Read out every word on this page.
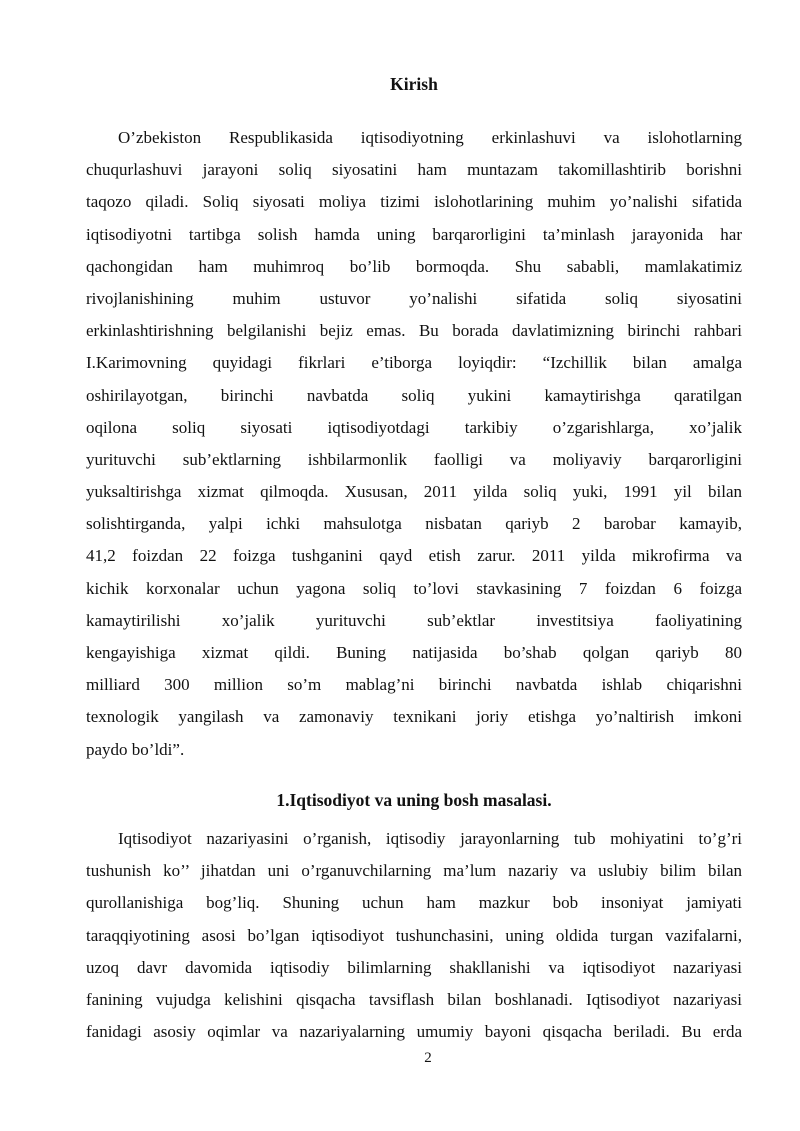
Kirish
O’zbekiston Respublikasida iqtisodiyotning erkinlashuvi va islohotlarning
chuqurlashuvi jarayoni soliq siyosatini ham muntazam takomillashtirib borishni
taqozo qiladi. Soliq siyosati moliya tizimi islohotlarining muhim yo’nalishi sifatida
iqtisodiyotni tartibga solish hamda uning barqarorligini ta’minlash jarayonida har
qachongidan ham muhimroq bo’lib bormoqda. Shu sababli, mamlakatimiz
rivojlanishining muhim ustuvor yo’nalishi sifatida soliq siyosatini
erkinlashtirishning belgilanishi bejiz emas. Bu borada davlatimizning birinchi rahbari
I.Karimovning quyidagi fikrlari e’tiborga loyiqdir: “Izchillik bilan amalga
oshirilayotgan, birinchi navbatda soliq yukini kamaytirishga qaratilgan
oqilona soliq siyosati iqtisodiyotdagi tarkibiy o’zgarishlarga, xo’jalik
yurituvchi sub’ektlarning ishbilarmonlik faolligi va moliyaviy barqarorligini
yuksaltirishga xizmat qilmoqda. Xususan, 2011 yilda soliq yuki, 1991 yil bilan
solishtirganda, yalpi ichki mahsulotga nisbatan qariyb 2 barobar kamayib,
41,2 foizdan 22 foizga tushganini qayd etish zarur. 2011 yilda mikrofirma va
kichik korxonalar uchun yagona soliq to’lovi stavkasining 7 foizdan 6 foizga
kamaytirilishi xo’jalik yurituvchi sub’ektlar investitsiya faoliyatining
kengayishiga xizmat qildi. Buning natijasida bo’shab qolgan qariyb 80
milliard 300 million so’m mablag’ni birinchi navbatda ishlab chiqarishni
texnologik yangilash va zamonaviy texnikani joriy etishga yo’naltirish imkoni
paydo bo’ldi”.
1.Iqtisodiyot va uning bosh masalasi.
Iqtisodiyot nazariyasini o’rganish, iqtisodiy jarayonlarning tub mohiyatini to’g’ri
tushunish ko’’ jihatdan uni o’rganuvchilarning ma’lum nazariy va uslubiy bilim bilan
qurollanishiga bog’liq. Shuning uchun ham mazkur bob insoniyat jamiyati
taraqqiyotining asosi bo’lgan iqtisodiyot tushunchasini, uning oldida turgan vazifalarni,
uzoq davr davomida iqtisodiy bilimlarning shakllanishi va iqtisodiyot nazariyasi
fanining vujudga kelishini qisqacha tavsiflash bilan boshlanadi. Iqtisodiyot nazariyasi
fanidagi asosiy oqimlar va nazariyalarning umumiy bayoni qisqacha beriladi. Bu erda
2
